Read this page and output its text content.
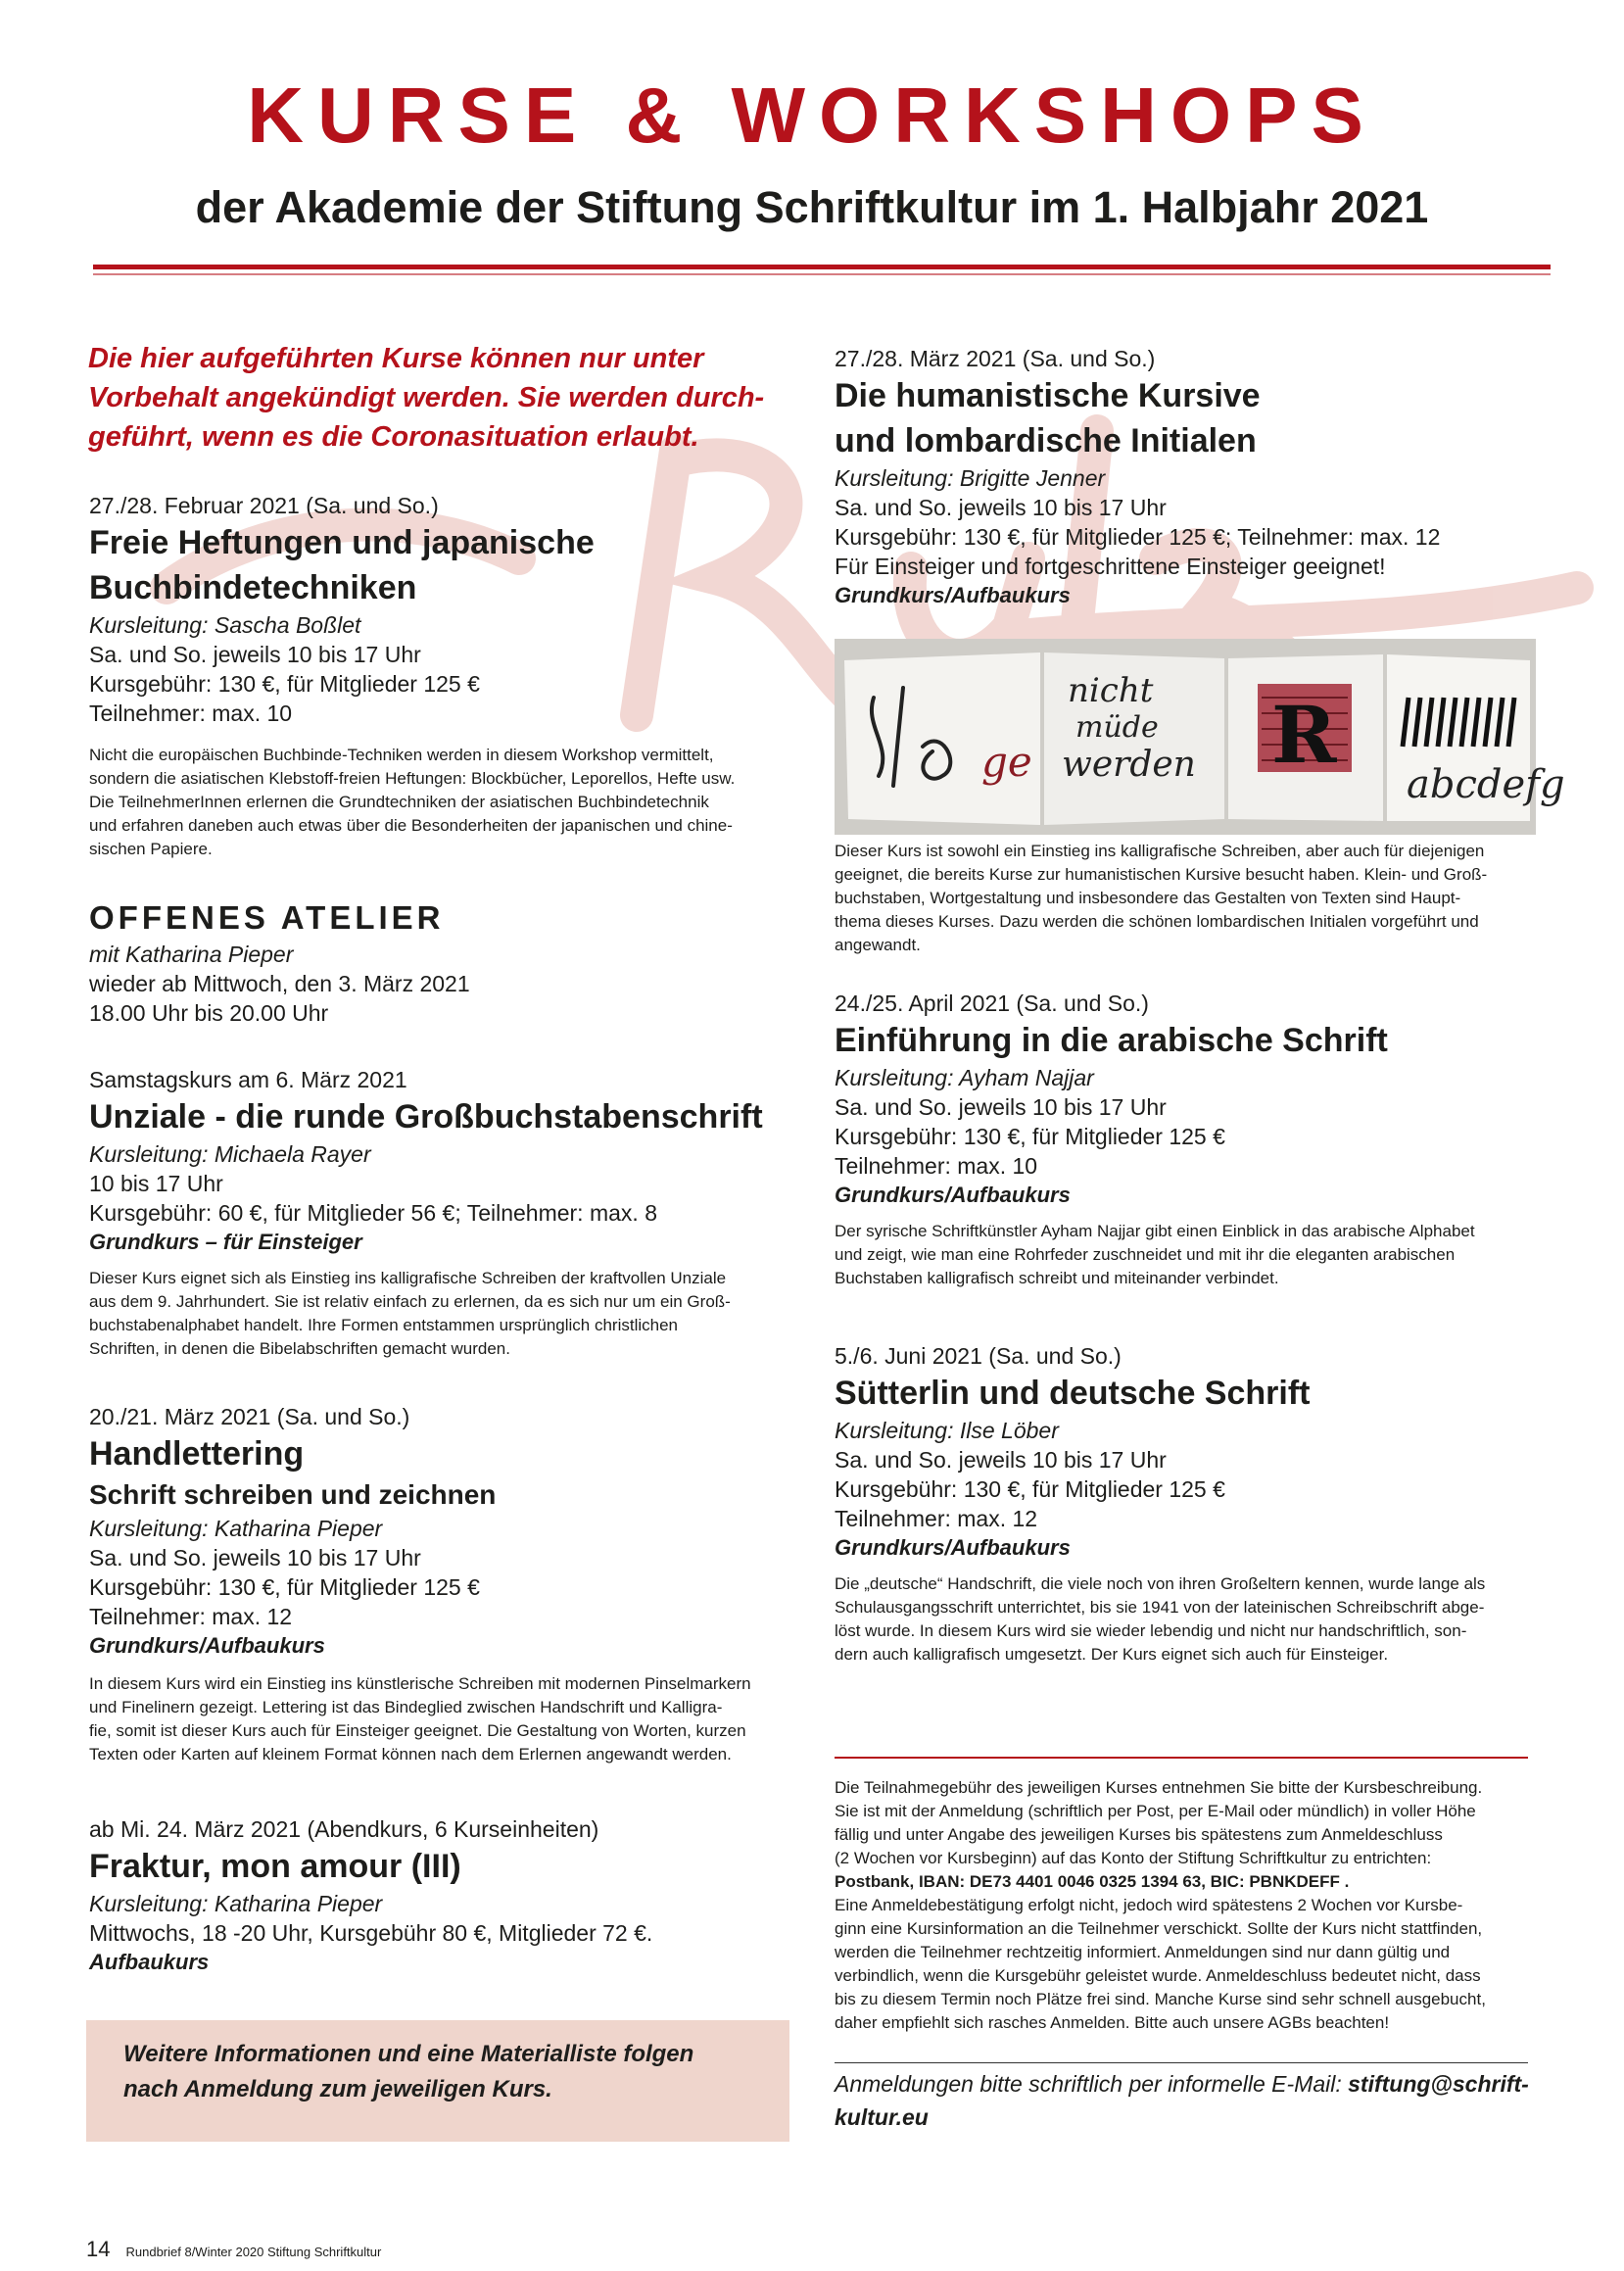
KURSE & WORKSHOPS
der Akademie der Stiftung Schriftkultur im 1. Halbjahr 2021
Die hier aufgeführten Kurse können nur unter
Vorbehalt angekündigt werden. Sie werden durch-
geführt, wenn es die Coronasituation erlaubt.
27./28. Februar 2021 (Sa. und So.)
Freie Heftungen und japanische
Buchbindetechniken
Kursleitung: Sascha Boßlet
Sa. und So. jeweils 10 bis 17 Uhr
Kursgebühr: 130 €, für Mitglieder 125 €
Teilnehmer: max. 10
Nicht die europäischen Buchbinde-Techniken werden in diesem Workshop vermittelt,
sondern die asiatischen Klebstoff-freien Heftungen: Blockbücher, Leporellos, Hefte usw.
Die TeilnehmerInnen erlernen die Grundtechniken der asiatischen Buchbindetechnik
und erfahren daneben auch etwas über die Besonderheiten der japanischen und chine-
sischen Papiere.
OFFENES ATELIER
mit Katharina Pieper
wieder ab Mittwoch, den 3. März 2021
18.00 Uhr bis 20.00 Uhr
Samstagskurs am 6. März 2021
Unziale - die runde Großbuchstabenschrift
Kursleitung: Michaela Rayer
10 bis 17 Uhr
Kursgebühr: 60 €, für Mitglieder 56 €; Teilnehmer: max. 8
Grundkurs – für Einsteiger
Dieser Kurs eignet sich als Einstieg ins kalligrafische Schreiben der kraftvollen Unziale
aus dem 9. Jahrhundert. Sie ist relativ einfach zu erlernen, da es sich nur um ein Groß-
buchstabenalphabet handelt. Ihre Formen entstammen ursprünglich christlichen
Schriften, in denen die Bibelabschriften gemacht wurden.
20./21. März 2021 (Sa. und So.)
Handlettering
Schrift schreiben und zeichnen
Kursleitung: Katharina Pieper
Sa. und So. jeweils 10 bis 17 Uhr
Kursgebühr: 130 €, für Mitglieder 125 €
Teilnehmer: max. 12
Grundkurs/Aufbaukurs
In diesem Kurs wird ein Einstieg ins künstlerische Schreiben mit modernen Pinselmarkern
und Finelinern gezeigt. Lettering ist das Bindeglied zwischen Handschrift und Kalligra-
fie, somit ist dieser Kurs auch für Einsteiger geeignet. Die Gestaltung von Worten, kurzen
Texten oder Karten auf kleinem Format können nach dem Erlernen angewandt werden.
ab Mi. 24. März 2021 (Abendkurs, 6 Kurseinheiten)
Fraktur, mon amour (III)
Kursleitung: Katharina Pieper
Mittwochs, 18 -20 Uhr, Kursgebühr 80 €, Mitglieder 72 €.
Aufbaukurs
Weitere Informationen und eine Materialliste folgen
nach Anmeldung zum jeweiligen Kurs.
27./28. März 2021 (Sa. und So.)
Die humanistische Kursive
und lombardische Initialen
Kursleitung: Brigitte Jenner
Sa. und So. jeweils 10 bis 17 Uhr
Kursgebühr: 130 €, für Mitglieder 125 €; Teilnehmer: max. 12
Für Einsteiger und fortgeschrittene Einsteiger geeignet!
Grundkurs/Aufbaukurs
ge
nicht
müde
werden R
abcdefg
Dieser Kurs ist sowohl ein Einstieg ins kalligrafische Schreiben, aber auch für diejenigen
geeignet, die bereits Kurse zur humanistischen Kursive besucht haben. Klein- und Groß-
buchstaben, Wortgestaltung und insbesondere das Gestalten von Texten sind Haupt-
thema dieses Kurses. Dazu werden die schönen lombardischen Initialen vorgeführt und
angewandt.
24./25. April 2021 (Sa. und So.)
Einführung in die arabische Schrift
Kursleitung: Ayham Najjar
Sa. und So. jeweils 10 bis 17 Uhr
Kursgebühr: 130 €, für Mitglieder 125 €
Teilnehmer: max. 10
Grundkurs/Aufbaukurs
Der syrische Schriftkünstler Ayham Najjar gibt einen Einblick in das arabische Alphabet
und zeigt, wie man eine Rohrfeder zuschneidet und mit ihr die eleganten arabischen
Buchstaben kalligrafisch schreibt und miteinander verbindet.
5./6. Juni 2021 (Sa. und So.)
Sütterlin und deutsche Schrift
Kursleitung: Ilse Löber
Sa. und So. jeweils 10 bis 17 Uhr
Kursgebühr: 130 €, für Mitglieder 125 €
Teilnehmer: max. 12
Grundkurs/Aufbaukurs
Die „deutsche“ Handschrift, die viele noch von ihren Großeltern kennen, wurde lange als
Schulausgangsschrift unterrichtet, bis sie 1941 von der lateinischen Schreibschrift abge-
löst wurde. In diesem Kurs wird sie wieder lebendig und nicht nur handschriftlich, son-
dern auch kalligrafisch umgesetzt. Der Kurs eignet sich auch für Einsteiger.
Die Teilnahmegebühr des jeweiligen Kurses entnehmen Sie bitte der Kursbeschreibung.
Sie ist mit der Anmeldung (schriftlich per Post, per E-Mail oder mündlich) in voller Höhe
fällig und unter Angabe des jeweiligen Kurses bis spätestens zum Anmeldeschluss
(2 Wochen vor Kursbeginn) auf das Konto der Stiftung Schriftkultur zu entrichten:
Postbank, IBAN: DE73 4401 0046 0325 1394 63, BIC: PBNKDEFF .
Eine Anmeldebestätigung erfolgt nicht, jedoch wird spätestens 2 Wochen vor Kursbe-
ginn eine Kursinformation an die Teilnehmer verschickt. Sollte der Kurs nicht stattfinden,
werden die Teilnehmer rechtzeitig informiert. Anmeldungen sind nur dann gültig und
verbindlich, wenn die Kursgebühr geleistet wurde. Anmeldeschluss bedeutet nicht, dass
bis zu diesem Termin noch Plätze frei sind. Manche Kurse sind sehr schnell ausgebucht,
daher empfiehlt sich rasches Anmelden. Bitte auch unsere AGBs beachten!
Anmeldungen bitte schriftlich per informelle E-Mail: stiftung@schrift-
kultur.eu
14 Rundbrief 8/Winter 2020 Stiftung Schriftkultur
